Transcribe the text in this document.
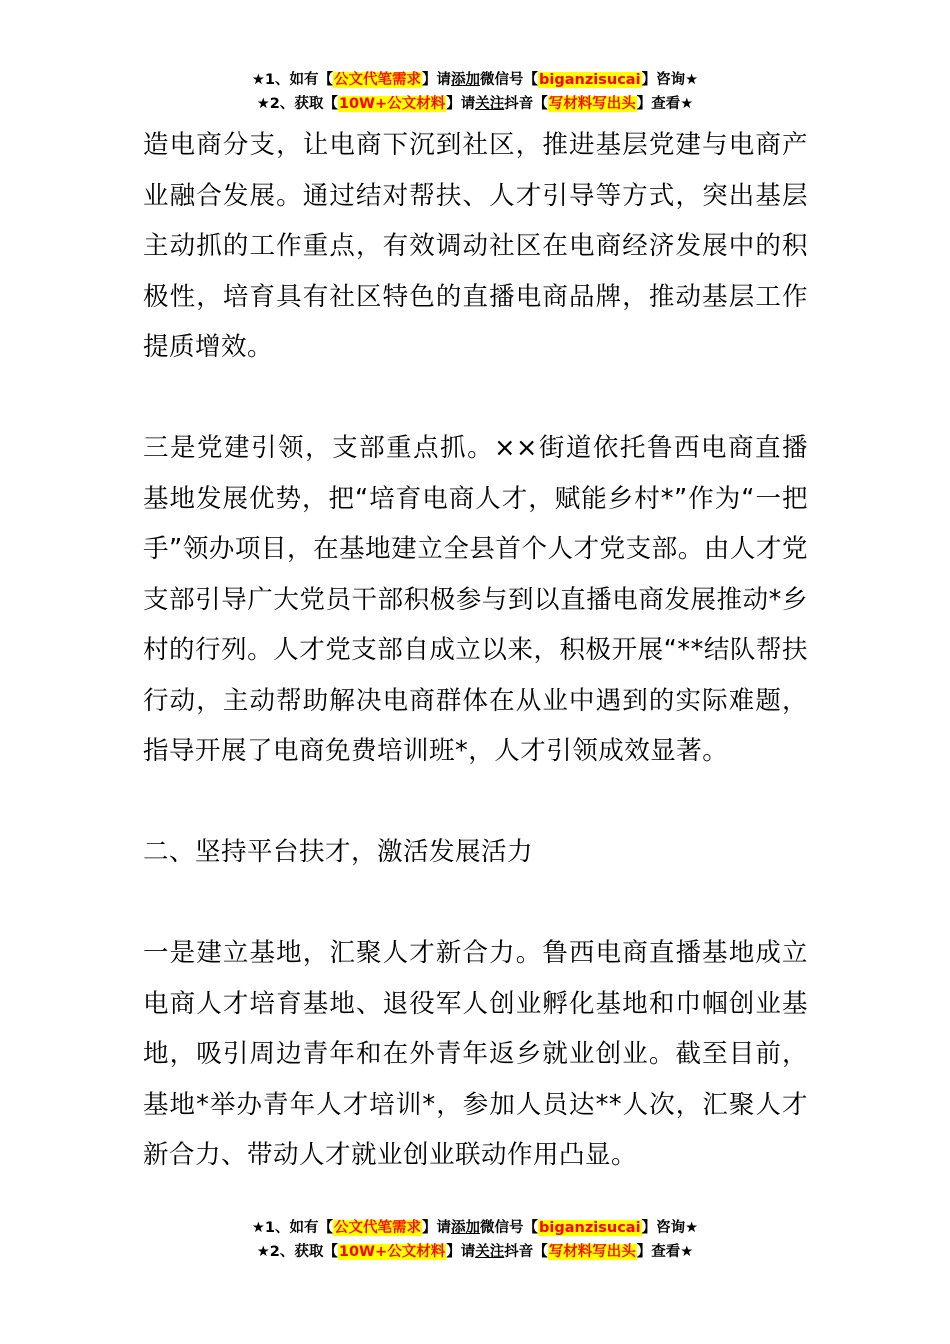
★1、如有【公文代笔需求】请添加微信号【biganzisucai】咨询★
★2、获取【10W+公文材料】请关注抖音【写材料写出头】查看★

造电商分支，让电商下沉到社区，推进基层党建与电商产业融合发展。通过结对帮扶、人才引导等方式，突出基层主动抓的工作重点，有效调动社区在电商经济发展中的积极性，培育具有社区特色的直播电商品牌，推动基层工作提质增效。

三是党建引领，支部重点抓。××街道依托鲁西电商直播基地发展优势，把“培育电商人才，赋能乡村*”作为“一把手”领办项目，在基地建立全县首个人才党支部。由人才党支部引导广大党员干部积极参与到以直播电商发展推动*乡村的行列。人才党支部自成立以来，积极开展“**结队帮扶行动，主动帮助解决电商群体在从业中遇到的实际难题，指导开展了电商免费培训班*，人才引领成效显著。

二、坚持平台扶才，激活发展活力

一是建立基地，汇聚人才新合力。鲁西电商直播基地成立电商人才培育基地、退役军人创业孵化基地和巾帼创业基地，吸引周边青年和在外青年返乡就业创业。截至目前，基地*举办青年人才培训*，参加人员达**人次，汇聚人才新合力、带动人才就业创业联动作用凸显。

★1、如有【公文代笔需求】请添加微信号【biganzisucai】咨询★
★2、获取【10W+公文材料】请关注抖音【写材料写出头】查看★
